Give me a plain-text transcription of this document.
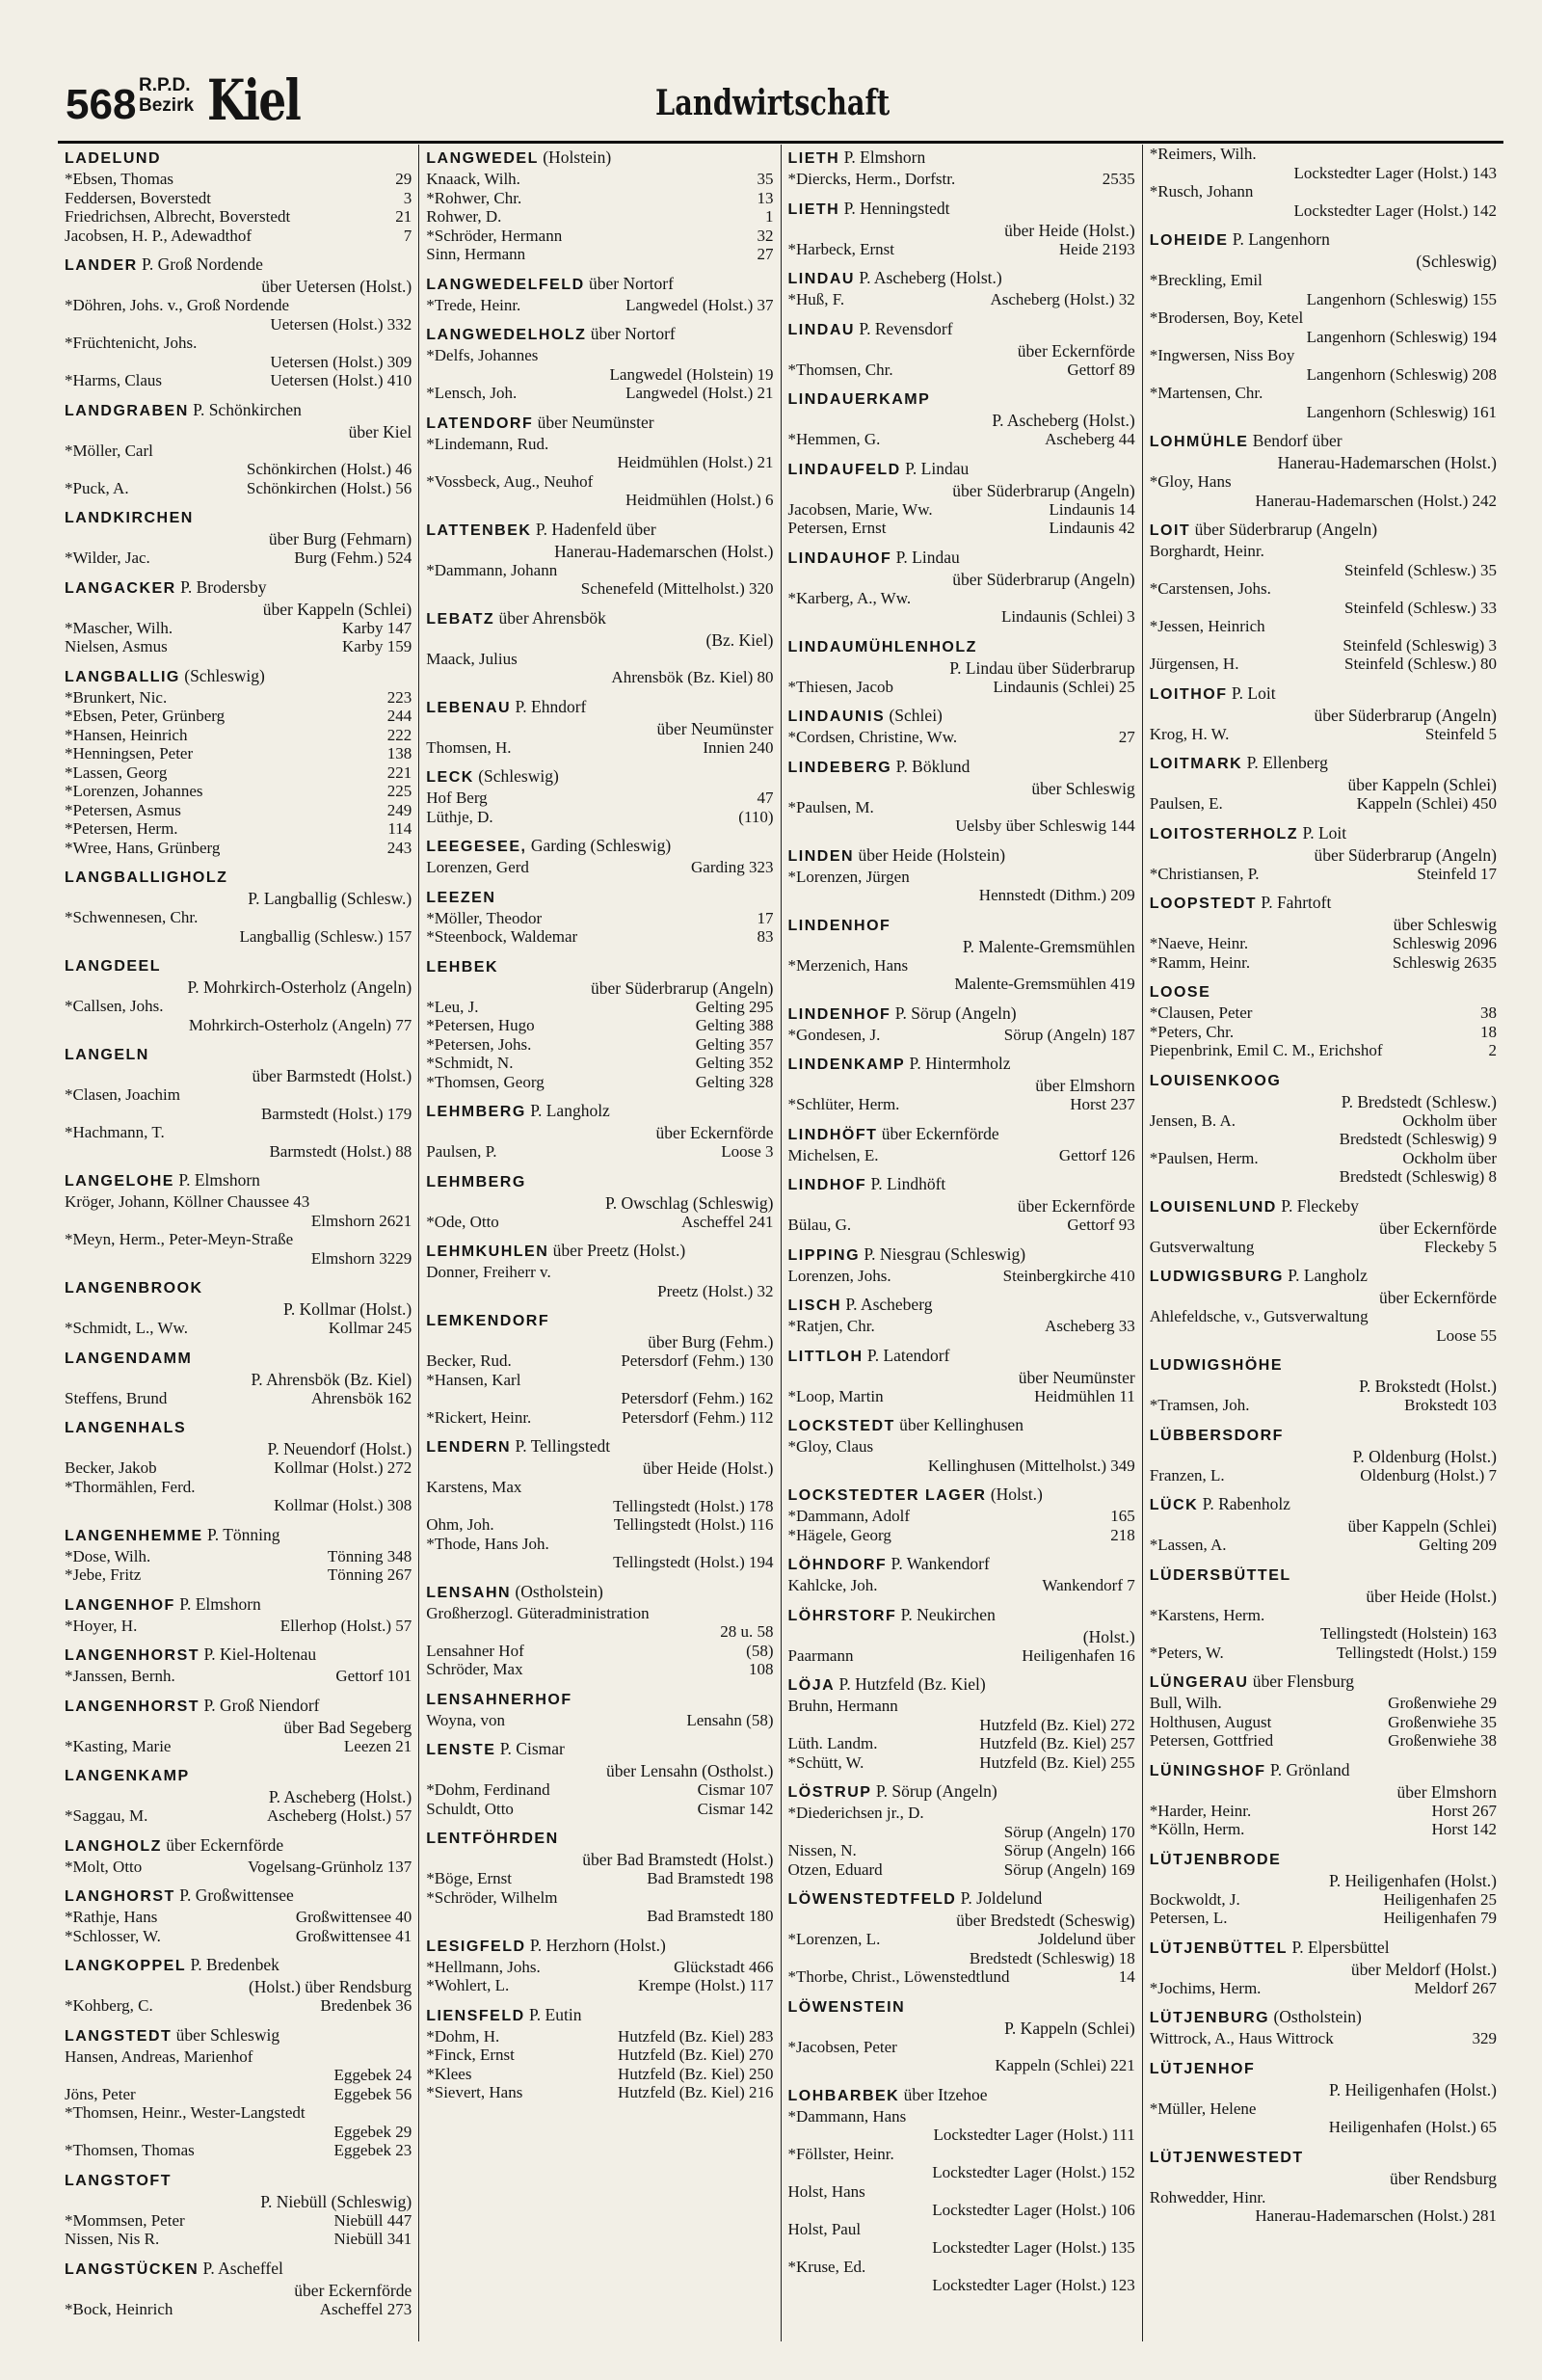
568 R.P.D.
Bezirk Kiel	Landwirtschaft
LADELUND
*Ebsen, Thomas	29
Feddersen, Boverstedt	3
Friedrichsen, Albrecht, Boverstedt	21
Jacobsen, H. P., Adewadthof	7
LANDER P. Groß Nordende
über Uetersen (Holst.)
*Döhren, Johs. v., Groß Nordende
Uetersen (Holst.) 332
*Früchtenicht, Johs.
Uetersen (Holst.) 309
*Harms, Claus	Uetersen (Holst.) 410
LANDGRABEN P. Schönkirchen
über Kiel
*Möller, Carl
Schönkirchen (Holst.) 46
*Puck, A.	Schönkirchen (Holst.) 56
LANDKIRCHEN
über Burg (Fehmarn)
*Wilder, Jac.	Burg (Fehm.) 524
LANGACKER P. Brodersby
über Kappeln (Schlei)
*Mascher, Wilh.	Karby 147
Nielsen, Asmus	Karby 159
LANGBALLIG (Schleswig)
*Brunkert, Nic.	223
*Ebsen, Peter, Grünberg	244
*Hansen, Heinrich	222
*Henningsen, Peter	138
*Lassen, Georg	221
*Lorenzen, Johannes	225
*Petersen, Asmus	249
*Petersen, Herm.	114
*Wree, Hans, Grünberg	243
LANGBALLIGHOLZ
P. Langballig (Schlesw.)
*Schwennesen, Chr.
Langballig (Schlesw.) 157
LANGDEEL
P. Mohrkirch-Osterholz (Angeln)
*Callsen, Johs.
Mohrkirch-Osterholz (Angeln) 77
LANGELN
über Barmstedt (Holst.)
*Clasen, Joachim
Barmstedt (Holst.) 179
*Hachmann, T.
Barmstedt (Holst.) 88
LANGELOHE P. Elmshorn
Kröger, Johann, Köllner Chaussee 43
Elmshorn 2621
*Meyn, Herm., Peter-Meyn-Straße
Elmshorn 3229
LANGENBROOK
P. Kollmar (Holst.)
*Schmidt, L., Ww.	Kollmar 245
LANGENDAMM
P. Ahrensbök (Bz. Kiel)
Steffens, Brund	Ahrensbök 162
LANGENHALS
P. Neuendorf (Holst.)
Becker, Jakob	Kollmar (Holst.) 272
*Thormählen, Ferd.
Kollmar (Holst.) 308
LANGENHEMME P. Tönning
*Dose, Wilh.	Tönning 348
*Jebe, Fritz	Tönning 267
LANGENHOF P. Elmshorn
*Hoyer, H.	Ellerhop (Holst.) 57
LANGENHORST P. Kiel-Holtenau
*Janssen, Bernh.	Gettorf 101
LANGENHORST P. Groß Niendorf
über Bad Segeberg
*Kasting, Marie	Leezen 21
LANGENKAMP
P. Ascheberg (Holst.)
*Saggau, M.	Ascheberg (Holst.) 57
LANGHOLZ über Eckernförde
*Molt, Otto	Vogelsang-Grünholz 137
LANGHORST P. Großwittensee
*Rathje, Hans	Großwittensee 40
*Schlosser, W.	Großwittensee 41
LANGKOPPEL P. Bredenbek
(Holst.) über Rendsburg
*Kohberg, C.	Bredenbek 36
LANGSTEDT über Schleswig
Hansen, Andreas, Marienhof
Eggebek 24
Jöns, Peter	Eggebek 56
*Thomsen, Heinr., Wester-Langstedt
Eggebek 29
*Thomsen, Thomas	Eggebek 23
LANGSTOFT
P. Niebüll (Schleswig)
*Mommsen, Peter	Niebüll 447
Nissen, Nis R.	Niebüll 341
LANGSTÜCKEN P. Ascheffel
über Eckernförde
*Bock, Heinrich	Ascheffel 273
LANGWEDEL (Holstein)
Knaack, Wilh.	35
*Rohwer, Chr.	13
Rohwer, D.	1
*Schröder, Hermann	32
Sinn, Hermann	27
LANGWEDELFELD über Nortorf
*Trede, Heinr.	Langwedel (Holst.) 37
LANGWEDELHOLZ über Nortorf
*Delfs, Johannes
Langwedel (Holstein) 19
*Lensch, Joh.	Langwedel (Holst.) 21
LATENDORF über Neumünster
*Lindemann, Rud.
Heidmühlen (Holst.) 21
*Vossbeck, Aug., Neuhof
Heidmühlen (Holst.) 6
LATTENBEK P. Hadenfeld über
Hanerau-Hademarschen (Holst.)
*Dammann, Johann
Schenefeld (Mittelholst.) 320
LEBATZ über Ahrensbök
(Bz. Kiel)
Maack, Julius
Ahrensbök (Bz. Kiel) 80
LEBENAU P. Ehndorf
über Neumünster
Thomsen, H.	Innien 240
LECK (Schleswig)
Hof Berg	47
Lüthje, D.	(110)
LEEGESEE, Garding (Schleswig)
Lorenzen, Gerd	Garding 323
LEEZEN
*Möller, Theodor	17
*Steenbock, Waldemar	83
LEHBEK
über Süderbrarup (Angeln)
*Leu, J.	Gelting 295
*Petersen, Hugo	Gelting 388
*Petersen, Johs.	Gelting 357
*Schmidt, N.	Gelting 352
*Thomsen, Georg	Gelting 328
LEHMBERG P. Langholz
über Eckernförde
Paulsen, P.	Loose 3
LEHMBERG
P. Owschlag (Schleswig)
*Ode, Otto	Ascheffel 241
LEHMKUHLEN über Preetz (Holst.)
Donner, Freiherr v.
Preetz (Holst.) 32
LEMKENDORF
über Burg (Fehm.)
Becker, Rud.	Petersdorf (Fehm.) 130
*Hansen, Karl
Petersdorf (Fehm.) 162
*Rickert, Heinr.	Petersdorf (Fehm.) 112
LENDERN P. Tellingstedt
über Heide (Holst.)
Karstens, Max
Tellingstedt (Holst.) 178
Ohm, Joh.	Tellingstedt (Holst.) 116
*Thode, Hans Joh.
Tellingstedt (Holst.) 194
LENSAHN (Ostholstein)
Großherzogl. Güteradministration
28 u. 58
Lensahner Hof	(58)
Schröder, Max	108
LENSAHNERHOF
Woyna, von	Lensahn (58)
LENSTE P. Cismar
über Lensahn (Ostholst.)
*Dohm, Ferdinand	Cismar 107
Schuldt, Otto	Cismar 142
LENTFÖHRDEN
über Bad Bramstedt (Holst.)
*Böge, Ernst	Bad Bramstedt 198
*Schröder, Wilhelm
Bad Bramstedt 180
LESIGFELD P. Herzhorn (Holst.)
*Hellmann, Johs.	Glückstadt 466
*Wohlert, L.	Krempe (Holst.) 117
LIENSFELD P. Eutin
*Dohm, H.	Hutzfeld (Bz. Kiel) 283
*Finck, Ernst	Hutzfeld (Bz. Kiel) 270
*Klees	Hutzfeld (Bz. Kiel) 250
*Sievert, Hans	Hutzfeld (Bz. Kiel) 216
LIETH P. Elmshorn
*Diercks, Herm., Dorfstr.	2535
LIETH P. Henningstedt
über Heide (Holst.)
*Harbeck, Ernst	Heide 2193
LINDAU P. Ascheberg (Holst.)
*Huß, F.	Ascheberg (Holst.) 32
LINDAU P. Revensdorf
über Eckernförde
*Thomsen, Chr.	Gettorf 89
LINDAUERKAMP
P. Ascheberg (Holst.)
*Hemmen, G.	Ascheberg 44
LINDAUFELD P. Lindau
über Süderbrarup (Angeln)
Jacobsen, Marie, Ww.	Lindaunis 14
Petersen, Ernst	Lindaunis 42
LINDAUHOF P. Lindau
über Süderbrarup (Angeln)
*Karberg, A., Ww.
Lindaunis (Schlei) 3
LINDAUMÜHLENHOLZ
P. Lindau über Süderbrarup
*Thiesen, Jacob	Lindaunis (Schlei) 25
LINDAUNIS (Schlei)
*Cordsen, Christine, Ww.	27
LINDEBERG P. Böklund
über Schleswig
*Paulsen, M.
Uelsby über Schleswig 144
LINDEN über Heide (Holstein)
*Lorenzen, Jürgen
Hennstedt (Dithm.) 209
LINDENHOF
P. Malente-Gremsmühlen
*Merzenich, Hans
Malente-Gremsmühlen 419
LINDENHOF P. Sörup (Angeln)
*Gondesen, J.	Sörup (Angeln) 187
LINDENKAMP P. Hintermholz
über Elmshorn
*Schlüter, Herm.	Horst 237
LINDHÖFT über Eckernförde
Michelsen, E.	Gettorf 126
LINDHOF P. Lindhöft
über Eckernförde
Bülau, G.	Gettorf 93
LIPPING P. Niesgrau (Schleswig)
Lorenzen, Johs.	Steinbergkirche 410
LISCH P. Ascheberg
*Ratjen, Chr.	Ascheberg 33
LITTLOH P. Latendorf
über Neumünster
*Loop, Martin	Heidmühlen 11
LOCKSTEDT über Kellinghusen
*Gloy, Claus
Kellinghusen (Mittelholst.) 349
LOCKSTEDTER LAGER (Holst.)
*Dammann, Adolf	165
*Hägele, Georg	218
LÖHNDORF P. Wankendorf
Kahlcke, Joh.	Wankendorf 7
LÖHRSTORF P. Neukirchen
(Holst.)
Paarmann	Heiligenhafen 16
LÖJA P. Hutzfeld (Bz. Kiel)
Bruhn, Hermann
Hutzfeld (Bz. Kiel) 272
Lüth. Landm.	Hutzfeld (Bz. Kiel) 257
*Schütt, W.	Hutzfeld (Bz. Kiel) 255
LÖSTRUP P. Sörup (Angeln)
*Diederichsen jr., D.
Sörup (Angeln) 170
Nissen, N.	Sörup (Angeln) 166
Otzen, Eduard	Sörup (Angeln) 169
LÖWENSTEDTFELD P. Joldelund
über Bredstedt (Scheswig)
*Lorenzen, L.	Joldelund über
Bredstedt (Schleswig) 18
*Thorbe, Christ., Löwenstedtlund	14
LÖWENSTEIN
P. Kappeln (Schlei)
*Jacobsen, Peter
Kappeln (Schlei) 221
LOHBARBEK über Itzehoe
*Dammann, Hans
Lockstedter Lager (Holst.) 111
*Föllster, Heinr.
Lockstedter Lager (Holst.) 152
Holst, Hans
Lockstedter Lager (Holst.) 106
Holst, Paul
Lockstedter Lager (Holst.) 135
*Kruse, Ed.
Lockstedter Lager (Holst.) 123
*Reimers, Wilh.
Lockstedter Lager (Holst.) 143
*Rusch, Johann
Lockstedter Lager (Holst.) 142
LOHEIDE P. Langenhorn
(Schleswig)
*Breckling, Emil
Langenhorn (Schleswig) 155
*Brodersen, Boy, Ketel
Langenhorn (Schleswig) 194
*Ingwersen, Niss Boy
Langenhorn (Schleswig) 208
*Martensen, Chr.
Langenhorn (Schleswig) 161
LOHMÜHLE Bendorf über
Hanerau-Hademarschen (Holst.)
*Gloy, Hans
Hanerau-Hademarschen (Holst.) 242
LOIT über Süderbrarup (Angeln)
Borghardt, Heinr.
Steinfeld (Schlesw.) 35
*Carstensen, Johs.
Steinfeld (Schlesw.) 33
*Jessen, Heinrich
Steinfeld (Schleswig) 3
Jürgensen, H.	Steinfeld (Schlesw.) 80
LOITHOF P. Loit
über Süderbrarup (Angeln)
Krog, H. W.	Steinfeld 5
LOITMARK P. Ellenberg
über Kappeln (Schlei)
Paulsen, E.	Kappeln (Schlei) 450
LOITOSTERHOLZ P. Loit
über Süderbrarup (Angeln)
*Christiansen, P.	Steinfeld 17
LOOPSTEDT P. Fahrtoft
über Schleswig
*Naeve, Heinr.	Schleswig 2096
*Ramm, Heinr.	Schleswig 2635
LOOSE
*Clausen, Peter	38
*Peters, Chr.	18
Piepenbrink, Emil C. M., Erichshof	2
LOUISENKOOG
P. Bredstedt (Schlesw.)
Jensen, B. A.	Ockholm über
Bredstedt (Schleswig) 9
*Paulsen, Herm.	Ockholm über
Bredstedt (Schleswig) 8
LOUISENLUND P. Fleckeby
über Eckernförde
Gutsverwaltung	Fleckeby 5
LUDWIGSBURG P. Langholz
über Eckernförde
Ahlefeldsche, v., Gutsverwaltung
Loose 55
LUDWIGSHÖHE
P. Brokstedt (Holst.)
*Tramsen, Joh.	Brokstedt 103
LÜBBERSDORF
P. Oldenburg (Holst.)
Franzen, L.	Oldenburg (Holst.) 7
LÜCK P. Rabenholz
über Kappeln (Schlei)
*Lassen, A.	Gelting 209
LÜDERSBÜTTEL
über Heide (Holst.)
*Karstens, Herm.
Tellingstedt (Holstein) 163
*Peters, W.	Tellingstedt (Holst.) 159
LÜNGERAU über Flensburg
Bull, Wilh.	Großenwiehe 29
Holthusen, August	Großenwiehe 35
Petersen, Gottfried	Großenwiehe 38
LÜNINGSHOF P. Grönland
über Elmshorn
*Harder, Heinr.	Horst 267
*Kölln, Herm.	Horst 142
LÜTJENBRODE
P. Heiligenhafen (Holst.)
Bockwoldt, J.	Heiligenhafen 25
Petersen, L.	Heiligenhafen 79
LÜTJENBÜTTEL P. Elpersbüttel
über Meldorf (Holst.)
*Jochims, Herm.	Meldorf 267
LÜTJENBURG (Ostholstein)
Wittrock, A., Haus Wittrock	329
LÜTJENHOF
P. Heiligenhafen (Holst.)
*Müller, Helene
Heiligenhafen (Holst.) 65
LÜTJENWESTEDT
über Rendsburg
Rohwedder, Hinr.
Hanerau-Hademarschen (Holst.) 281
